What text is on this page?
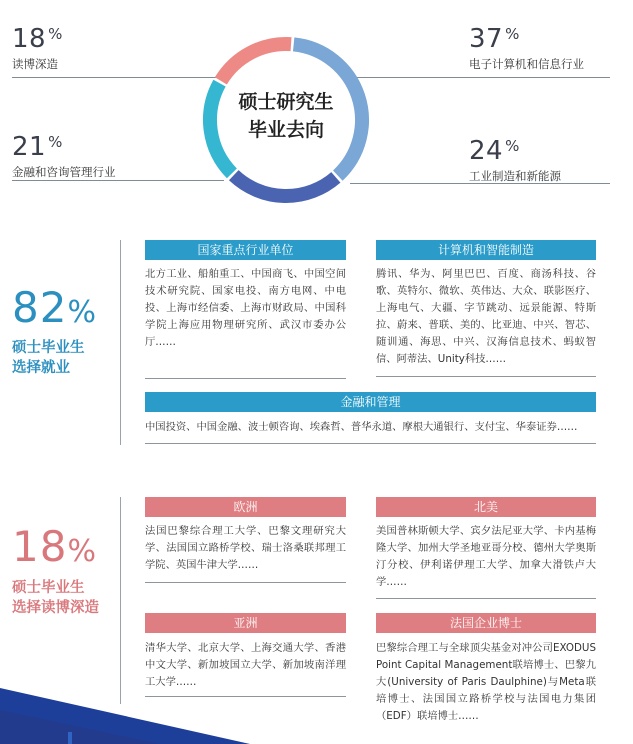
18 %
读博深造
37 %
电子计算机和信息行业
21 %
金融和咨询管理行业
24 %
工业制造和新能源
硕士研究生
毕业去向
82%
硕士毕业生
选择就业
国家重点行业单位
北方工业、船舶重工、中国商飞、中国空间技术研究院、国家电投、南方电网、中电投、上海市经信委、上海市财政局、中国科学院上海应用物理研究所、武汉市委办公厅……
计算机和智能制造
腾讯、华为、阿里巴巴、百度、商汤科技、谷歌、英特尔、微软、英伟达、大众、联影医疗、上海电气、大疆、字节跳动、远景能源、特斯拉、蔚来、普联、美的、比亚迪、中兴、智芯、随训通、海思、中兴、汉海信息技术、蚂蚁智信、阿蒂法、Unity科技……
金融和管理
中国投资、中国金融、波士顿咨询、埃森哲、普华永道、摩根大通银行、支付宝、华泰证券……
18%
硕士毕业生
选择读博深造
欧洲
法国巴黎综合理工大学、巴黎文理研究大学、法国国立路桥学校、瑞士洛桑联邦理工学院、英国牛津大学……
北美
美国普林斯顿大学、宾夕法尼亚大学、卡内基梅隆大学、加州大学圣地亚哥分校、德州大学奥斯汀分校、伊利诺伊理工大学、加拿大滑铁卢大学……
亚洲
清华大学、北京大学、上海交通大学、香港中文大学、新加坡国立大学、新加坡南洋理工大学……
法国企业博士
巴黎综合理工与全球顶尖基金对冲公司EXODUS Point Capital Management联培博士、巴黎九大(University of Paris Daulphine)与Meta联培博士、法国国立路桥学校与法国电力集团（EDF）联培博士……
